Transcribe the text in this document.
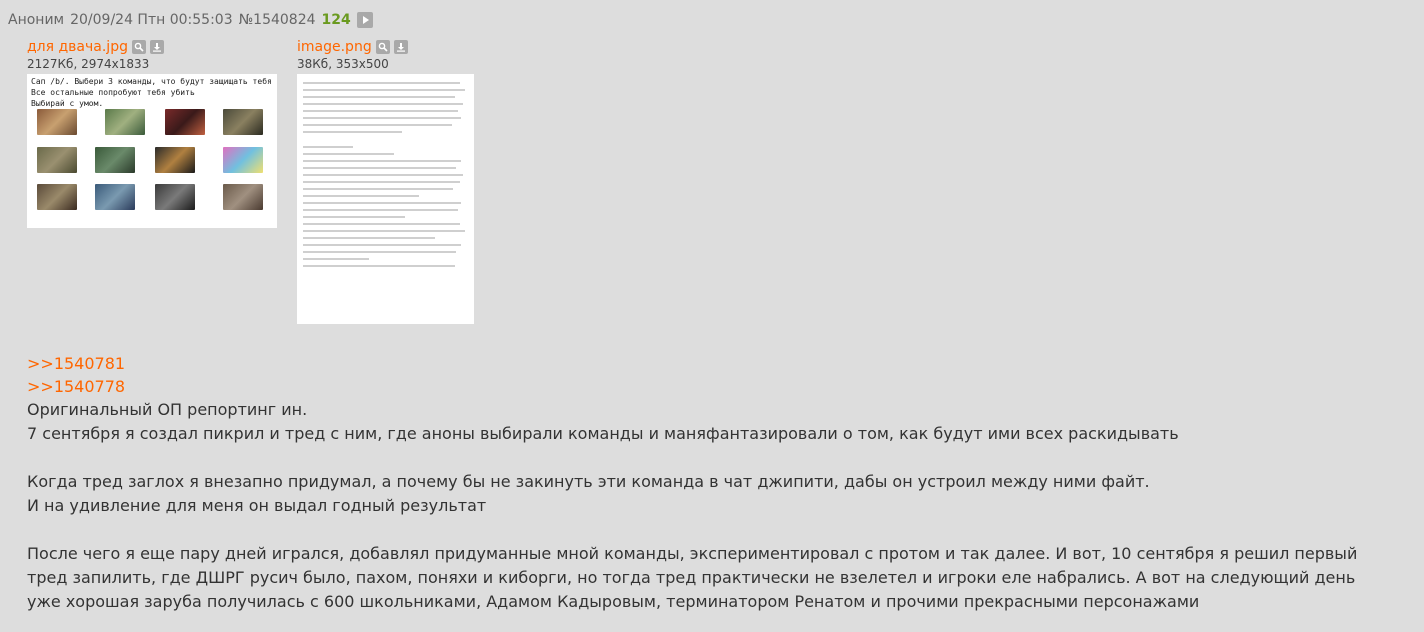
Аноним 20/09/24 Птн 00:55:03 №1540824 124
для двача.jpg
2127Кб, 2974x1833
Сап /b/. Выбери 3 команды, что будут защищать тебя
Все остальные попробуют тебя убить
Выбирай с умом.
image.png
38Кб, 353x500
>>1540781
>>1540778

Оригинальный ОП репортинг ин.
7 сентября я создал пикрил и тред с ним, где аноны выбирали команды и маняфантазировали о том, как будут ими всех раскидывать

Когда тред заглох я внезапно придумал, а почему бы не закинуть эти команда в чат джипити, дабы он устроил между ними файт.
И на удивление для меня он выдал годный результат

После чего я еще пару дней игрался, добавлял придуманные мной команды, экспериментировал с протом и так далее. И вот, 10 сентября я решил первый
тред запилить, где ДШРГ русич было, пахом, поняхи и киборги, но тогда тред практически не взелетел и игроки еле набрались. А вот на следующий день
уже хорошая заруба получилась с 600 школьниками, Адамом Кадыровым, терминатором Ренатом и прочими прекрасными персонажами
